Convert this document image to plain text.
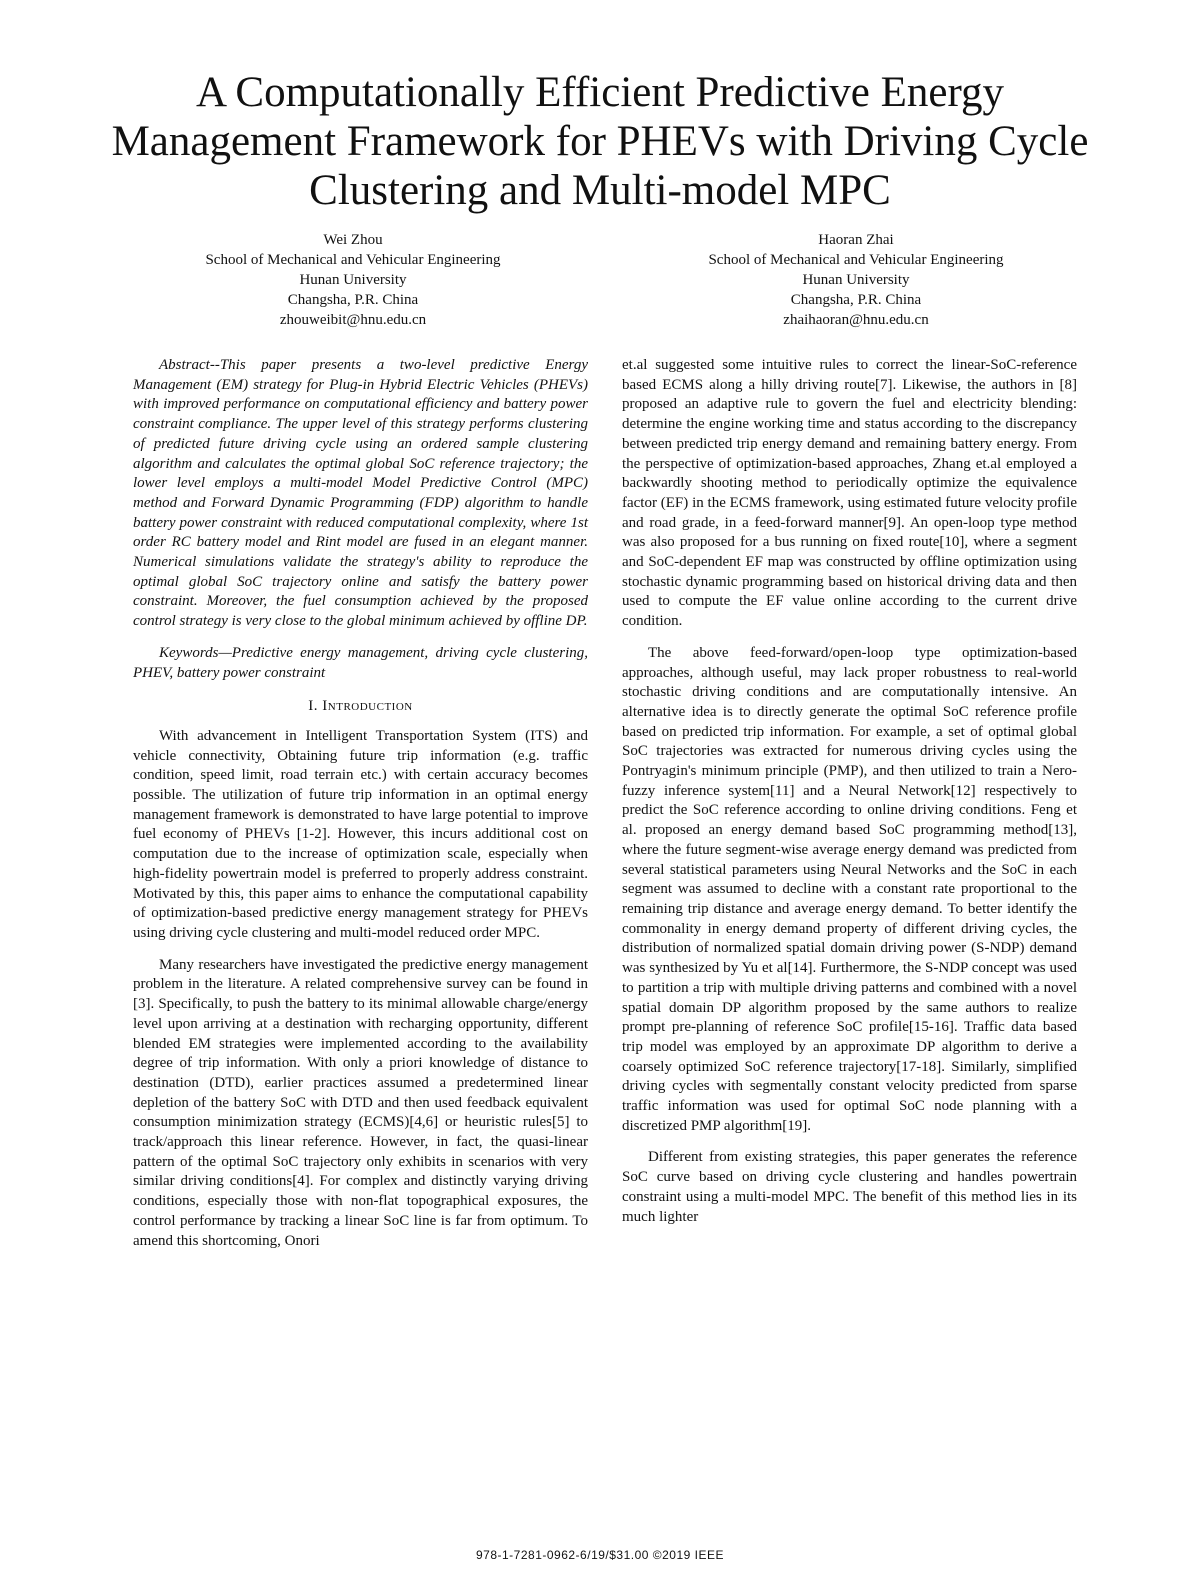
A Computationally Efficient Predictive Energy Management Framework for PHEVs with Driving Cycle Clustering and Multi-model MPC
Wei Zhou
School of Mechanical and Vehicular Engineering
Hunan University
Changsha, P.R. China
zhouweibit@hnu.edu.cn
Haoran Zhai
School of Mechanical and Vehicular Engineering
Hunan University
Changsha, P.R. China
zhaihaoran@hnu.edu.cn

Abstract--This paper presents a two-level predictive Energy Management (EM) strategy for Plug-in Hybrid Electric Vehicles (PHEVs) with improved performance on computational efficiency and battery power constraint compliance. The upper level of this strategy performs clustering of predicted future driving cycle using an ordered sample clustering algorithm and calculates the optimal global SoC reference trajectory; the lower level employs a multi-model Model Predictive Control (MPC) method and Forward Dynamic Programming (FDP) algorithm to handle battery power constraint with reduced computational complexity, where 1st order RC battery model and Rint model are fused in an elegant manner. Numerical simulations validate the strategy's ability to reproduce the optimal global SoC trajectory online and satisfy the battery power constraint. Moreover, the fuel consumption achieved by the proposed control strategy is very close to the global minimum achieved by offline DP.

Keywords—Predictive energy management, driving cycle clustering, PHEV, battery power constraint

I. Introduction

With advancement in Intelligent Transportation System (ITS) and vehicle connectivity, Obtaining future trip information (e.g. traffic condition, speed limit, road terrain etc.) with certain accuracy becomes possible. The utilization of future trip information in an optimal energy management framework is demonstrated to have large potential to improve fuel economy of PHEVs [1-2]. However, this incurs additional cost on computation due to the increase of optimization scale, especially when high-fidelity powertrain model is preferred to properly address constraint. Motivated by this, this paper aims to enhance the computational capability of optimization-based predictive energy management strategy for PHEVs using driving cycle clustering and multi-model reduced order MPC.

Many researchers have investigated the predictive energy management problem in the literature. A related comprehensive survey can be found in [3]. Specifically, to push the battery to its minimal allowable charge/energy level upon arriving at a destination with recharging opportunity, different blended EM strategies were implemented according to the availability degree of trip information. With only a priori knowledge of distance to destination (DTD), earlier practices assumed a predetermined linear depletion of the battery SoC with DTD and then used feedback equivalent consumption minimization strategy (ECMS)[4,6] or heuristic rules[5] to track/approach this linear reference. However, in fact, the quasi-linear pattern of the optimal SoC trajectory only exhibits in scenarios with very similar driving conditions[4]. For complex and distinctly varying driving conditions, especially those with non-flat topographical exposures, the control performance by tracking a linear SoC line is far from optimum. To amend this shortcoming, Onori

et.al suggested some intuitive rules to correct the linear-SoC-reference based ECMS along a hilly driving route[7]. Likewise, the authors in [8] proposed an adaptive rule to govern the fuel and electricity blending: determine the engine working time and status according to the discrepancy between predicted trip energy demand and remaining battery energy. From the perspective of optimization-based approaches, Zhang et.al employed a backwardly shooting method to periodically optimize the equivalence factor (EF) in the ECMS framework, using estimated future velocity profile and road grade, in a feed-forward manner[9]. An open-loop type method was also proposed for a bus running on fixed route[10], where a segment and SoC-dependent EF map was constructed by offline optimization using stochastic dynamic programming based on historical driving data and then used to compute the EF value online according to the current drive condition.

The above feed-forward/open-loop type optimization-based approaches, although useful, may lack proper robustness to real-world stochastic driving conditions and are computationally intensive. An alternative idea is to directly generate the optimal SoC reference profile based on predicted trip information. For example, a set of optimal global SoC trajectories was extracted for numerous driving cycles using the Pontryagin's minimum principle (PMP), and then utilized to train a Nero-fuzzy inference system[11] and a Neural Network[12] respectively to predict the SoC reference according to online driving conditions. Feng et al. proposed an energy demand based SoC programming method[13], where the future segment-wise average energy demand was predicted from several statistical parameters using Neural Networks and the SoC in each segment was assumed to decline with a constant rate proportional to the remaining trip distance and average energy demand. To better identify the commonality in energy demand property of different driving cycles, the distribution of normalized spatial domain driving power (S-NDP) demand was synthesized by Yu et al[14]. Furthermore, the S-NDP concept was used to partition a trip with multiple driving patterns and combined with a novel spatial domain DP algorithm proposed by the same authors to realize prompt pre-planning of reference SoC profile[15-16]. Traffic data based trip model was employed by an approximate DP algorithm to derive a coarsely optimized SoC reference trajectory[17-18]. Similarly, simplified driving cycles with segmentally constant velocity predicted from sparse traffic information was used for optimal SoC node planning with a discretized PMP algorithm[19].

Different from existing strategies, this paper generates the reference SoC curve based on driving cycle clustering and handles powertrain constraint using a multi-model MPC. The benefit of this method lies in its much lighter

978-1-7281-0962-6/19/$31.00 ©2019 IEEE
